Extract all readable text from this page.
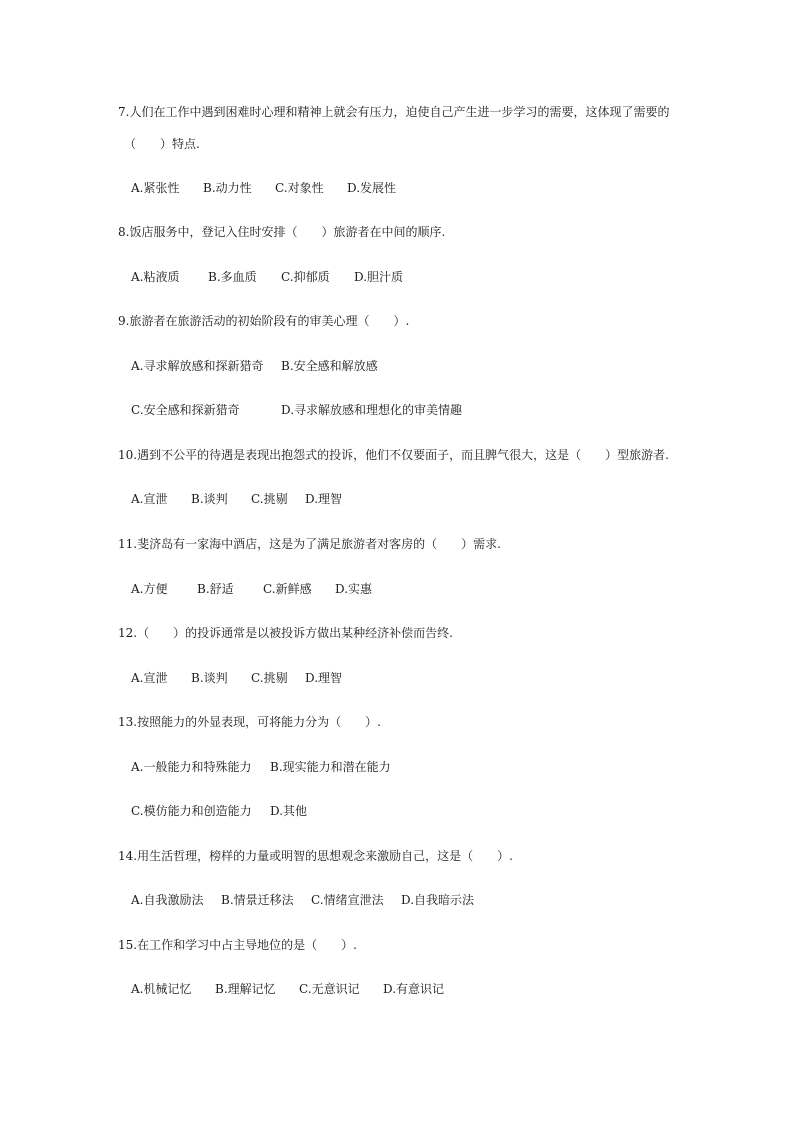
7.人们在工作中遇到困难时心理和精神上就会有压力，迫使自己产生进一步学习的需要，这体现了需要的
（　　）特点.
A.紧张性 B.动力性 C.对象性 D.发展性
8.饭店服务中，登记入住时安排（　　）旅游者在中间的顺序.
A.粘液质 B.多血质 C.抑郁质 D.胆汁质
9.旅游者在旅游活动的初始阶段有的审美心理（　　）.
A.寻求解放感和探新猎奇 B.安全感和解放感
C.安全感和探新猎奇	D.寻求解放感和理想化的审美情趣
10.遇到不公平的待遇是表现出抱怨式的投诉，他们不仅要面子，而且脾气很大，这是（　　）型旅游者.
A.宣泄 B.谈判 C.挑剔 D.理智
11.斐济岛有一家海中酒店，这是为了满足旅游者对客房的（　　）需求.
A.方便 B.舒适 C.新鲜感 D.实惠
12.（　　）的投诉通常是以被投诉方做出某种经济补偿而告终.
A.宣泄 B.谈判 C.挑剔 D.理智
13.按照能力的外显表现，可将能力分为（　　）.
A.一般能力和特殊能力 B.现实能力和潜在能力
C.模仿能力和创造能力 D.其他
14.用生活哲理，榜样的力量或明智的思想观念来激励自己，这是（　　）.
A.自我激励法 B.情景迁移法 C.情绪宣泄法 D.自我暗示法
15.在工作和学习中占主导地位的是（　　）.
A.机械记忆 B.理解记忆 C.无意识记 D.有意识记
